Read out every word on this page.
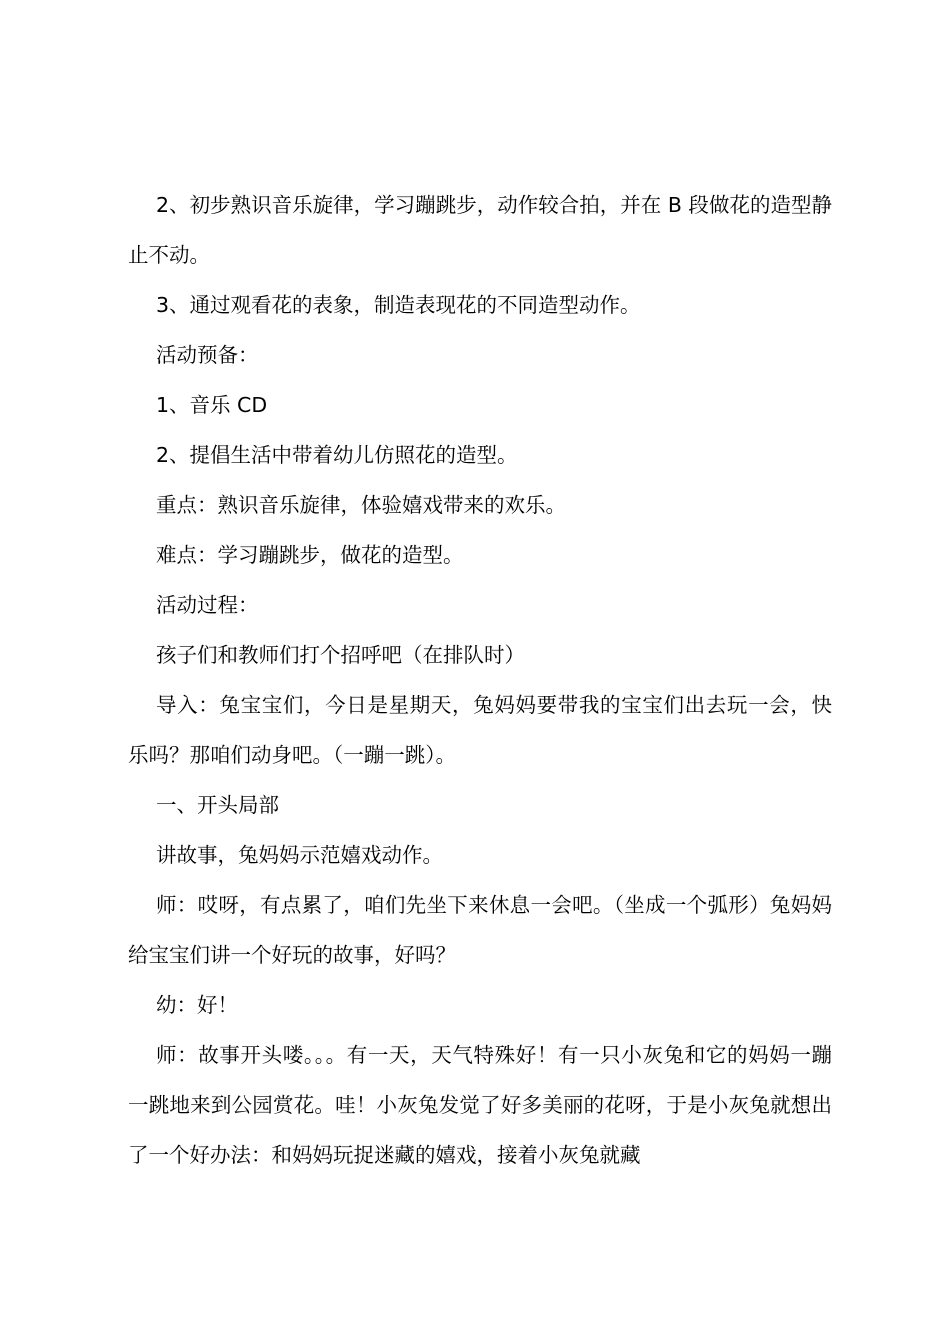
2、初步熟识音乐旋律，学习蹦跳步，动作较合拍，并在 B 段做花的造型静止不动。

3、通过观看花的表象，制造表现花的不同造型动作。

活动预备：

1、音乐 CD

2、提倡生活中带着幼儿仿照花的造型。

重点：熟识音乐旋律，体验嬉戏带来的欢乐。

难点：学习蹦跳步，做花的造型。

活动过程：

孩子们和教师们打个招呼吧（在排队时）

导入：兔宝宝们，今日是星期天，兔妈妈要带我的宝宝们出去玩一会，快乐吗？那咱们动身吧。（一蹦一跳）。

一、开头局部

讲故事，兔妈妈示范嬉戏动作。

师：哎呀，有点累了，咱们先坐下来休息一会吧。（坐成一个弧形）兔妈妈给宝宝们讲一个好玩的故事，好吗？

幼：好！

师：故事开头喽。。。有一天，天气特殊好！有一只小灰兔和它的妈妈一蹦一跳地来到公园赏花。哇！小灰兔发觉了好多美丽的花呀，于是小灰兔就想出了一个好办法：和妈妈玩捉迷藏的嬉戏，接着小灰兔就藏
